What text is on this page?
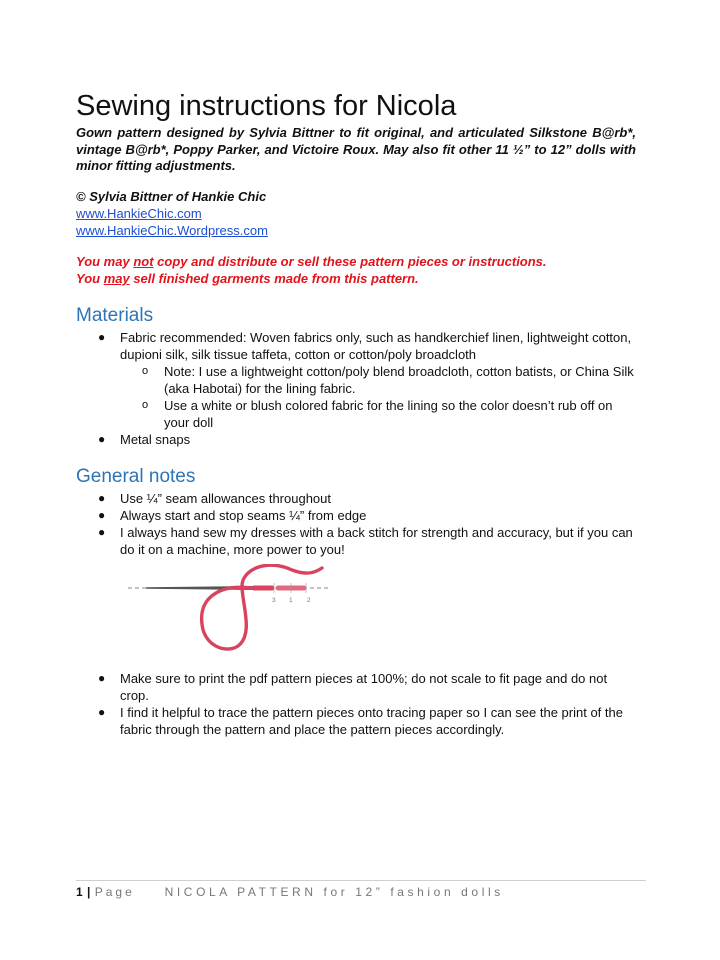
Sewing instructions for Nicola

Gown pattern designed by Sylvia Bittner to fit original, and articulated Silkstone B@rb*, vintage B@rb*, Poppy Parker, and Victoire Roux. May also fit other 11 ½” to 12” dolls with minor fitting adjustments.

© Sylvia Bittner of Hankie Chic
www.HankieChic.com
www.HankieChic.Wordpress.com
You may not copy and distribute or sell these pattern pieces or instructions.
You may sell finished garments made from this pattern.
Materials
● Fabric recommended: Woven fabrics only, such as handkerchief linen, lightweight cotton, dupioni silk, silk tissue taffeta, cotton or cotton/poly broadcloth
o Note: I use a lightweight cotton/poly blend broadcloth, cotton batists, or China Silk (aka Habotai) for the lining fabric.
o Use a white or blush colored fabric for the lining so the color doesn’t rub off on your doll
● Metal snaps
General notes
● Use ¼” seam allowances throughout
● Always start and stop seams ¼” from edge
● I always hand sew my dresses with a back stitch for strength and accuracy, but if you can do it on a machine, more power to you!
3 1 2
● Make sure to print the pdf pattern pieces at 100%; do not scale to fit page and do not crop.
● I find it helpful to trace the pattern pieces onto tracing paper so I can see the print of the fabric through the pattern and place the pattern pieces accordingly.
1 | Page NICOLA PATTERN for 12” fashion dolls
